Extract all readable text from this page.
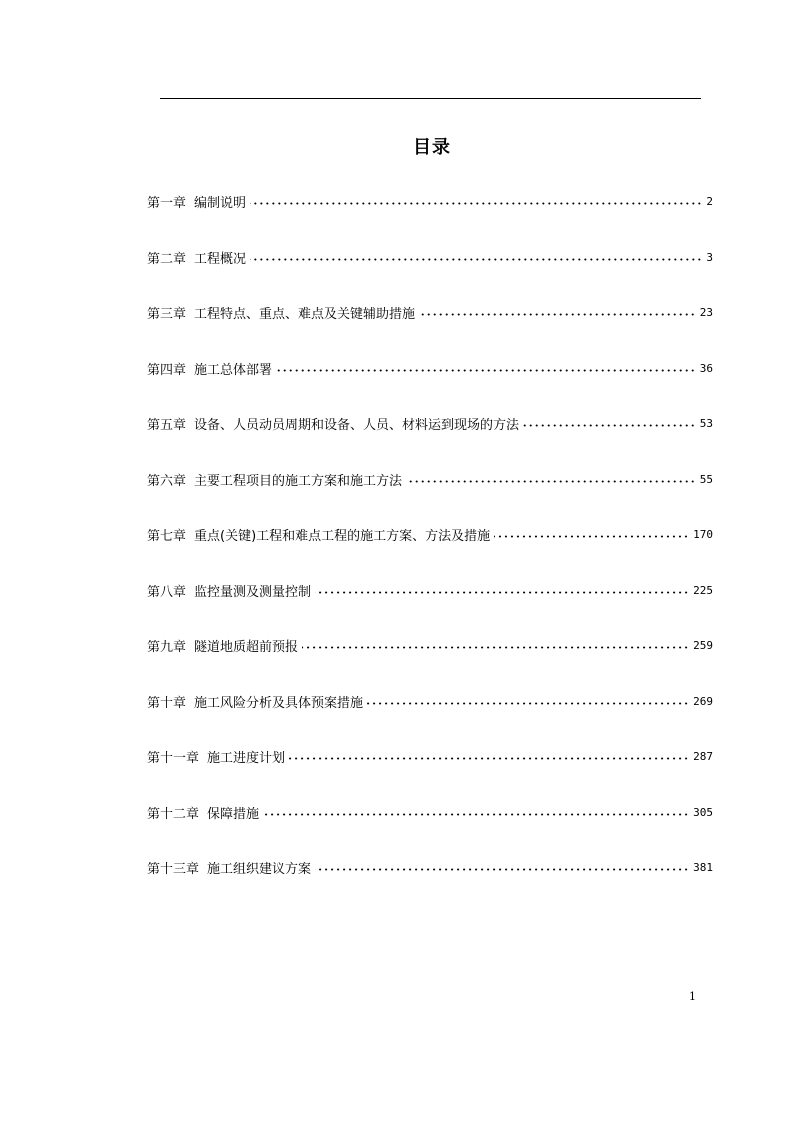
目录
第一章 编制说明	2
第二章 工程概况	3
第三章 工程特点、重点、难点及关键辅助措施	23
第四章 施工总体部署	36
第五章 设备、人员动员周期和设备、人员、材料运到现场的方法	53
第六章 主要工程项目的施工方案和施工方法	55
第七章 重点(关键)工程和难点工程的施工方案、方法及措施	170
第八章 监控量测及测量控制	225
第九章 隧道地质超前预报	259
第十章 施工风险分析及具体预案措施	269
第十一章 施工进度计划	287
第十二章 保障措施	305
第十三章 施工组织建议方案	381
1
